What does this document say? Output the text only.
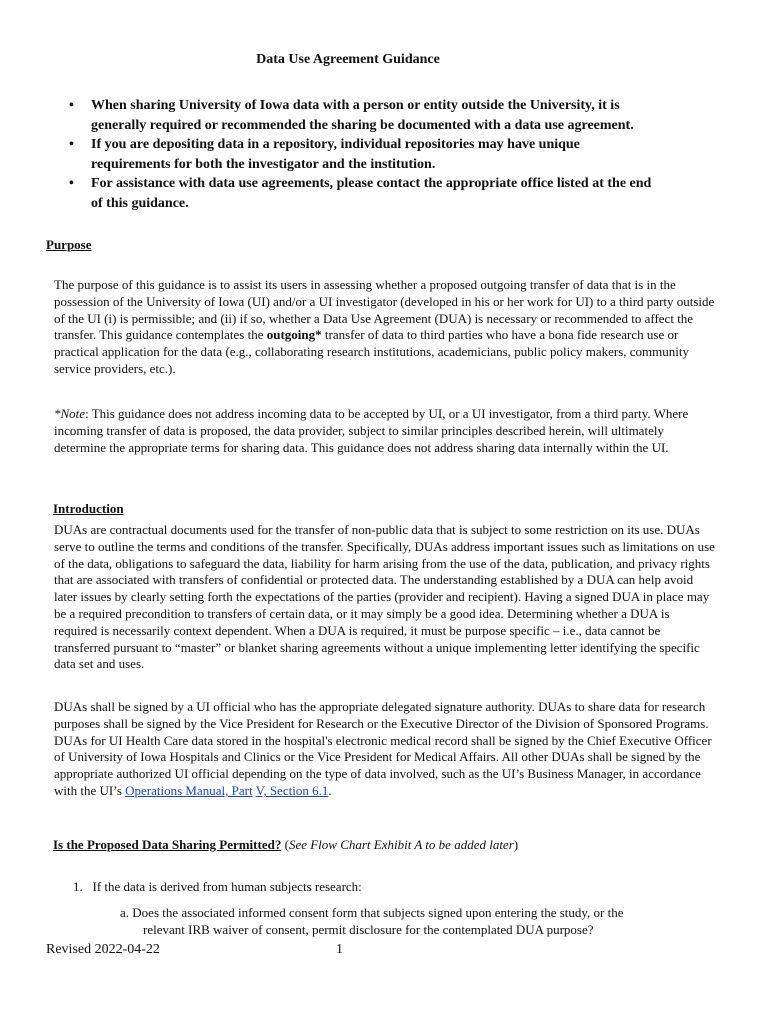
Data Use Agreement Guidance
• When sharing University of Iowa data with a person or entity outside the University, it is generally required or recommended the sharing be documented with a data use agreement.
• If you are depositing data in a repository, individual repositories may have unique requirements for both the investigator and the institution.
• For assistance with data use agreements, please contact the appropriate office listed at the end of this guidance.
Purpose

The purpose of this guidance is to assist its users in assessing whether a proposed outgoing transfer of data that is in the possession of the University of Iowa (UI) and/or a UI investigator (developed in his or her work for UI) to a third party outside of the UI (i) is permissible; and (ii) if so, whether a Data Use Agreement (DUA) is necessary or recommended to affect the transfer. This guidance contemplates the outgoing* transfer of data to third parties who have a bona fide research use or practical application for the data (e.g., collaborating research institutions, academicians, public policy makers, community service providers, etc.).

*Note: This guidance does not address incoming data to be accepted by UI, or a UI investigator, from a third party. Where incoming transfer of data is proposed, the data provider, subject to similar principles described herein, will ultimately determine the appropriate terms for sharing data. This guidance does not address sharing data internally within the UI.

Introduction

DUAs are contractual documents used for the transfer of non-public data that is subject to some restriction on its use. DUAs serve to outline the terms and conditions of the transfer. Specifically, DUAs address important issues such as limitations on use of the data, obligations to safeguard the data, liability for harm arising from the use of the data, publication, and privacy rights that are associated with transfers of confidential or protected data. The understanding established by a DUA can help avoid later issues by clearly setting forth the expectations of the parties (provider and recipient). Having a signed DUA in place may be a required precondition to transfers of certain data, or it may simply be a good idea. Determining whether a DUA is required is necessarily context dependent. When a DUA is required, it must be purpose specific – i.e., data cannot be transferred pursuant to “master” or blanket sharing agreements without a unique implementing letter identifying the specific data set and uses.

DUAs shall be signed by a UI official who has the appropriate delegated signature authority. DUAs to share data for research purposes shall be signed by the Vice President for Research or the Executive Director of the Division of Sponsored Programs. DUAs for UI Health Care data stored in the hospital's electronic medical record shall be signed by the Chief Executive Officer of University of Iowa Hospitals and Clinics or the Vice President for Medical Affairs. All other DUAs shall be signed by the appropriate authorized UI official depending on the type of data involved, such as the UI’s Business Manager, in accordance with the UI’s Operations Manual, Part V, Section 6.1.

Is the Proposed Data Sharing Permitted? (See Flow Chart Exhibit A to be added later)
1. If the data is derived from human subjects research:

a. Does the associated informed consent form that subjects signed upon entering the study, or the
relevant IRB waiver of consent, permit disclosure for the contemplated DUA purpose?

Revised 2022-04-22	1
